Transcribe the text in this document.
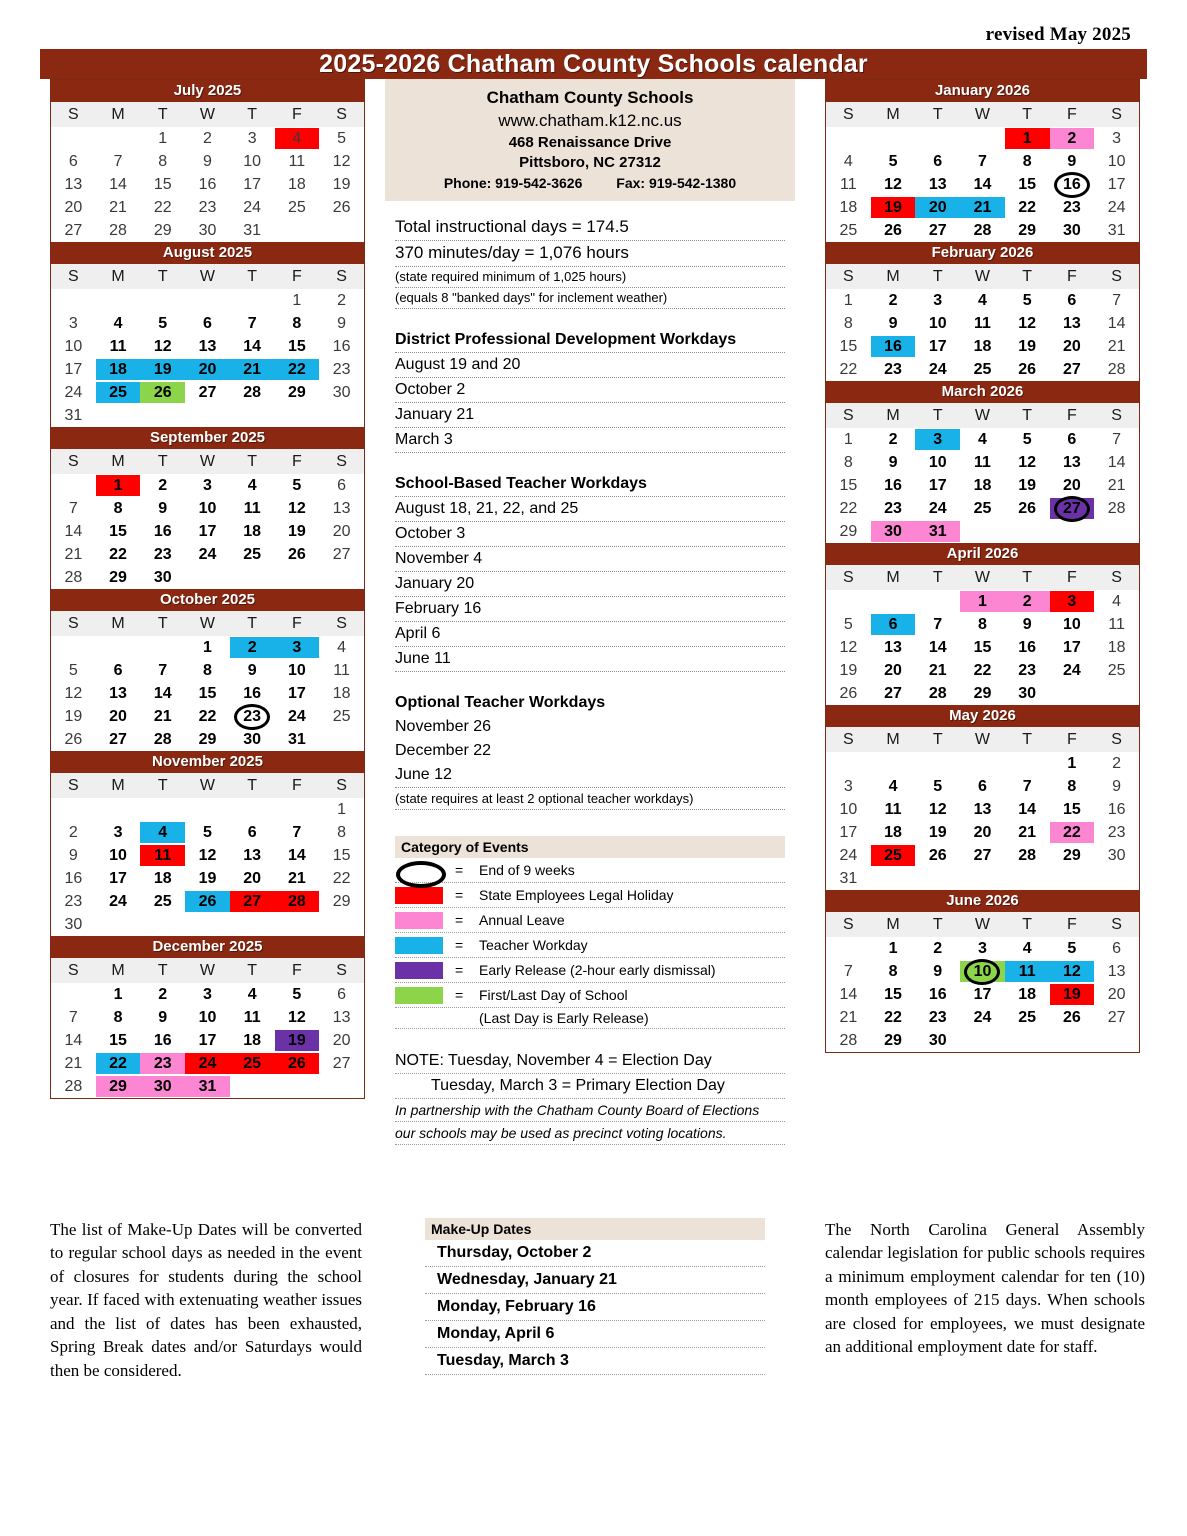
revised May 2025
2025-2026 Chatham County Schools calendar
July 2025
S	M	T	W	T	F	S

		1	2	3	4	5

6	7	8	9	10	11	12

13	14	15	16	17	18	19

20	21	22	23	24	25	26

27	28	29	30	31		

August 2025
S	M	T	W	T	F	S

					1	2

3	4	5	6	7	8	9

10	11	12	13	14	15	16

17	18	19	20	21	22	23

24	25	26	27	28	29	30

31						

September 2025
S	M	T	W	T	F	S

	1	2	3	4	5	6

7	8	9	10	11	12	13

14	15	16	17	18	19	20

21	22	23	24	25	26	27

28	29	30				

October 2025
S	M	T	W	T	F	S

			1	2	3	4

5	6	7	8	9	10	11

12	13	14	15	16	17	18

19	20	21	22	23	24	25

26	27	28	29	30	31	

November 2025
S	M	T	W	T	F	S

						1

2	3	4	5	6	7	8

9	10	11	12	13	14	15

16	17	18	19	20	21	22

23	24	25	26	27	28	29

30						

December 2025
S	M	T	W	T	F	S

	1	2	3	4	5	6

7	8	9	10	11	12	13

14	15	16	17	18	19	20

21	22	23	24	25	26	27

28	29	30	31			

Chatham County Schools
www.chatham.k12.nc.us
468 Renaissance Drive
Pittsboro, NC 27312
Phone: 919-542-3626 Fax: 919-542-1380
Total instructional days = 174.5
370 minutes/day = 1,076 hours
(state required minimum of 1,025 hours)
(equals 8 "banked days" for inclement weather)
District Professional Development Workdays
August 19 and 20
October 2
January 21
March 3
School-Based Teacher Workdays
August 18, 21, 22, and 25
October 3
November 4
January 20
February 16
April 6
June 11
Optional Teacher Workdays
November 26
December 22
June 12
(state requires at least 2 optional teacher workdays)
Category of Events
=	End of 9 weeks
=	State Employees Legal Holiday
=	Annual Leave
=	Teacher Workday
=	Early Release (2-hour early dismissal)
=	First/Last Day of School
(Last Day is Early Release)
NOTE: Tuesday, November 4 = Election Day
Tuesday, March 3 = Primary Election Day
In partnership with the Chatham County Board of Elections
our schools may be used as precinct voting locations.
January 2026
S	M	T	W	T	F	S

				1	2	3

4	5	6	7	8	9	10

11	12	13	14	15	16	17

18	19	20	21	22	23	24

25	26	27	28	29	30	31
February 2026
S	M	T	W	T	F	S

1	2	3	4	5	6	7

8	9	10	11	12	13	14

15	16	17	18	19	20	21

22	23	24	25	26	27	28
March 2026
S	M	T	W	T	F	S

1	2	3	4	5	6	7

8	9	10	11	12	13	14

15	16	17	18	19	20	21

22	23	24	25	26	27	28

29	30	31				

April 2026
S	M	T	W	T	F	S

			1	2	3	4

5	6	7	8	9	10	11

12	13	14	15	16	17	18

19	20	21	22	23	24	25

26	27	28	29	30		

May 2026
S	M	T	W	T	F	S

					1	2

3	4	5	6	7	8	9

10	11	12	13	14	15	16

17	18	19	20	21	22	23

24	25	26	27	28	29	30

31						

June 2026
S	M	T	W	T	F	S

	1	2	3	4	5	6

7	8	9	10	11	12	13

14	15	16	17	18	19	20

21	22	23	24	25	26	27

28	29	30				

The list of Make-Up Dates will be converted to regular school days as needed in the event of closures for students during the school year. If faced with extenuating weather issues and the list of dates has been exhausted, Spring Break dates and/or Saturdays would then be considered.
Make-Up Dates
Thursday, October 2
Wednesday, January 21
Monday, February 16
Monday, April 6
Tuesday, March 3
The North Carolina General Assembly calendar legislation for public schools requires a minimum employment calendar for ten (10) month employees of 215 days. When schools are closed for employees, we must designate an additional employment date for staff.
